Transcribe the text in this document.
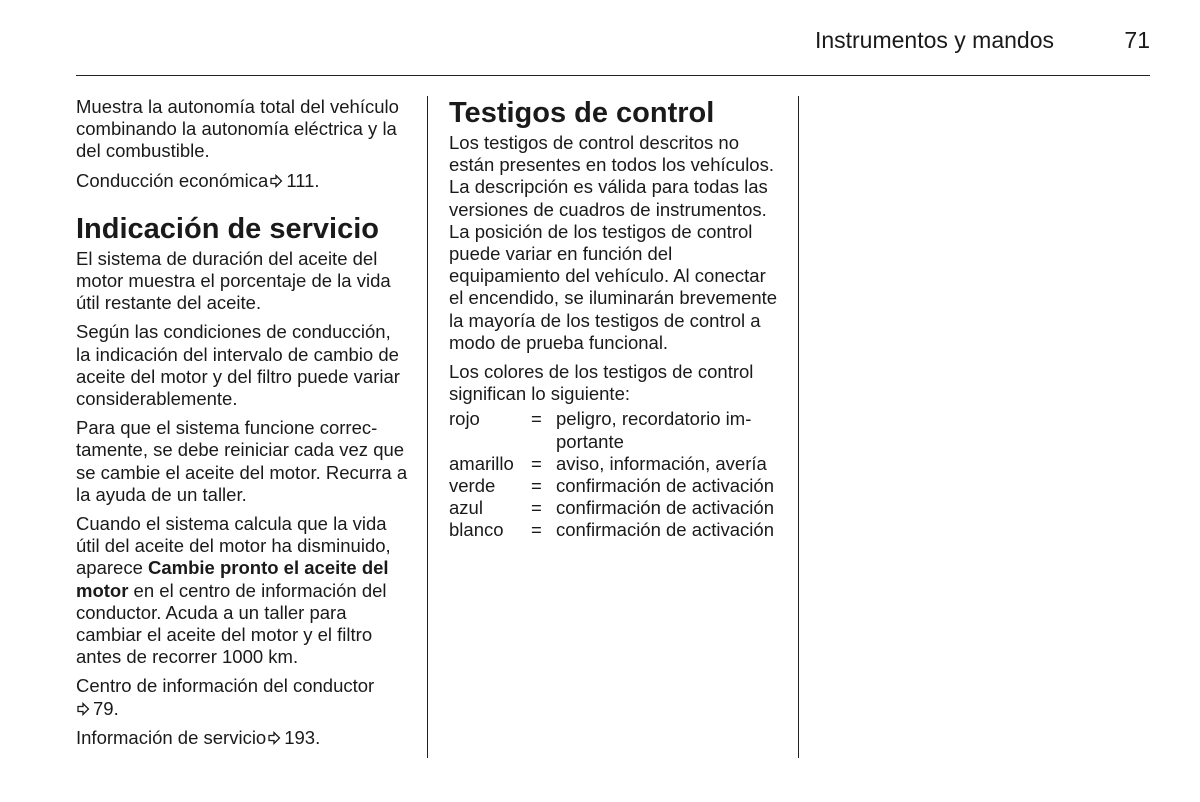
Instrumentos y mandos	71

Muestra la autonomía total del vehículo combinando la autonomía eléctrica y la del combustible.

Conducción económica 111.

Indicación de servicio

El sistema de duración del aceite del motor muestra el porcentaje de la vida útil restante del aceite.

Según las condiciones de conducción, la indicación del intervalo de cambio de aceite del motor y del filtro puede variar considerablemente.

Para que el sistema funcione correctamente, se debe reiniciar cada vez que se cambie el aceite del motor. Recurra a la ayuda de un taller.

Cuando el sistema calcula que la vida útil del aceite del motor ha disminuido, aparece Cambie pronto el aceite del motor en el centro de información del conductor. Acuda a un taller para cambiar el aceite del motor y el filtro antes de recorrer 1000 km.

Centro de información del conductor

79.

Información de servicio 193.

Testigos de control

Los testigos de control descritos no están presentes en todos los vehículos. La descripción es válida para todas las versiones de cuadros de instrumentos. La posición de los testigos de control puede variar en función del equipamiento del vehículo. Al conectar el encendido, se iluminarán brevemente la mayoría de los testigos de control a modo de prueba funcional.

Los colores de los testigos de control significan lo siguiente:

rojo	= peligro, recordatorio importante
amarillo = aviso, información, avería
verde	= confirmación de activación
azul	= confirmación de activación
blanco	= confirmación de activación
